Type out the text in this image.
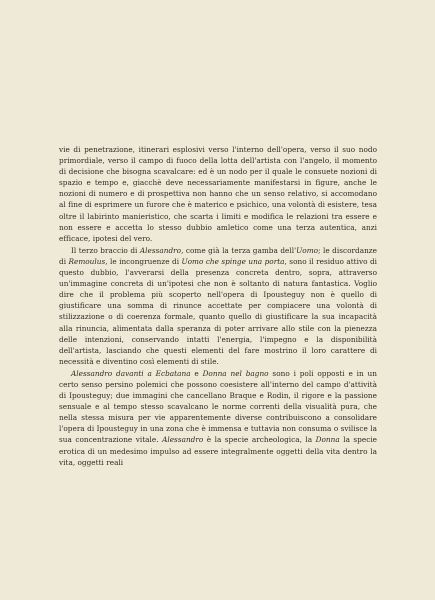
vie di penetrazione, itinerari esplosivi verso l'interno dell'opera, verso il suo nodo primordiale, verso il campo di fuoco della lotta dell'artista con l'angelo, il momento di decisione che bisogna scavalcare: ed è un nodo per il quale le consuete nozioni di spazio e tempo e, giacchè deve necessariamente manifestarsi in figure, anche le nozioni di numero e di prospettiva non hanno che un senso relativo, si accomodano al fine di esprimere un furore che è materico e psichico, una volontà di esistere, tesa oltre il labirinto manieristico, che scarta i limiti e modifica le relazioni tra essere e non essere e accetta lo stesso dubbio amletico come una terza autentica, anzi efficace, ipotesi del vero.

Il terzo braccio di Alessandro, come già la terza gamba dell'Uomo; le discordanze di Remoulus, le incongruenze di Uomo che spinge una porta, sono il residuo attivo di questo dubbio, l'avverarsi della presenza concreta dentro, sopra, attraverso un'immagine concreta di un'ipotesi che non è soltanto di natura fantastica. Voglio dire che il problema più scoperto nell'opera di Ipousteguy non è quello di giustificare una somma di rinunce accettate per compiacere una volontà di stilizzazione o di coerenza formale, quanto quello di giustificare la sua incapacità alla rinuncia, alimentata dalla speranza di poter arrivare allo stile con la pienezza delle intenzioni, conservando intatti l'energia, l'impegno e la disponibilità dell'artista, lasciando che questi elementi del fare mostrino il loro carattere di necessità e diventino così elementi di stile.

Alessandro davanti a Ecbatana e Donna nel bagno sono i poli opposti e in un certo senso persino polemici che possono coesistere all'interno del campo d'attività di Ipousteguy; due immagini che cancellano Braque e Rodin, il rigore e la passione sensuale e al tempo stesso scavalcano le norme correnti della visualità pura, che nella stessa misura per vie apparentemente diverse contribuiscono a consolidare l'opera di Ipousteguy in una zona che è immensa e tuttavia non consuma o svilisce la sua concentrazione vitale. Alessandro è la specie archeologica, la Donna la specie erotica di un medesimo impulso ad essere integralmente oggetti della vita dentro la vita, oggetti reali
